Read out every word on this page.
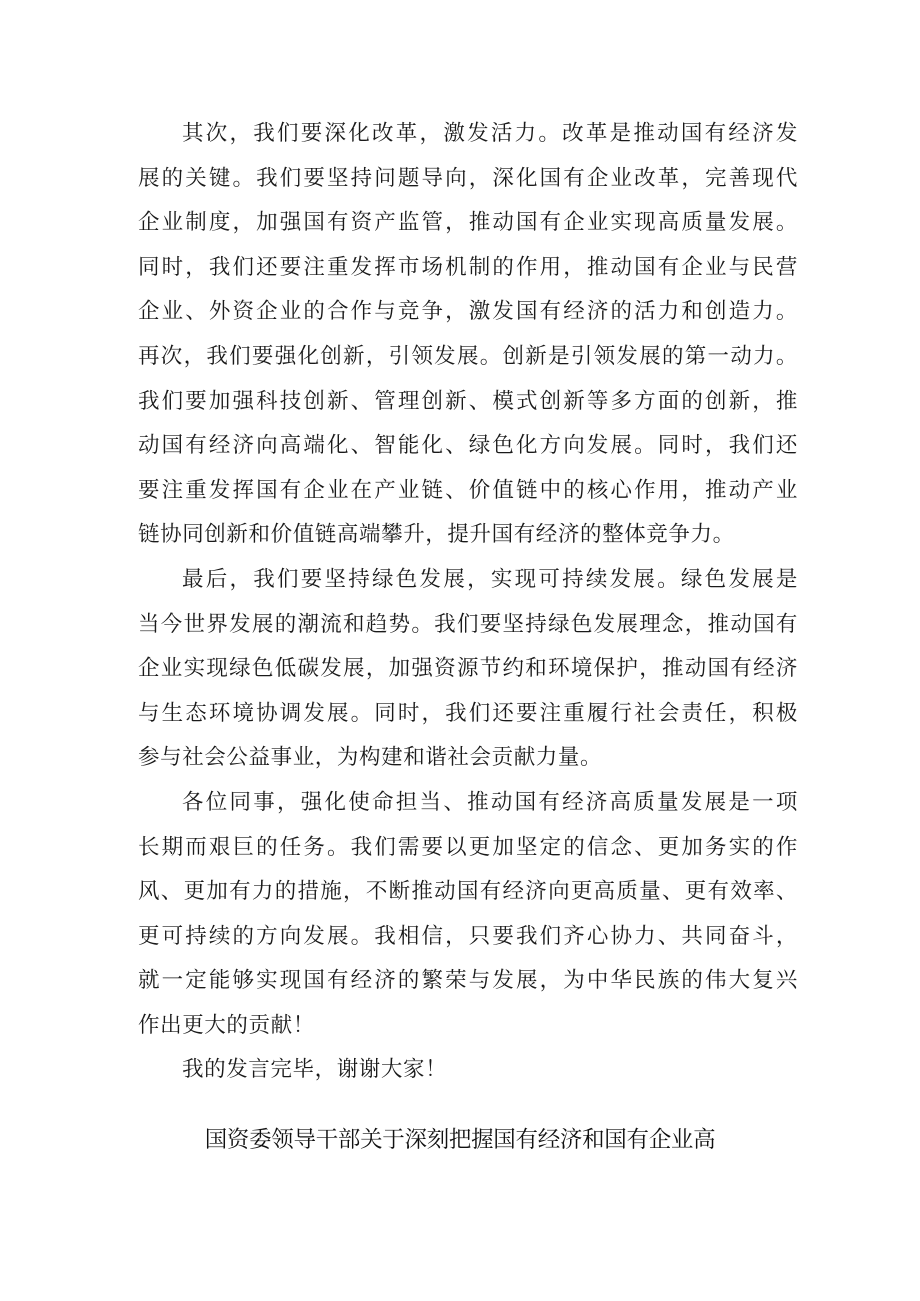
其次，我们要深化改革，激发活力。改革是推动国有经济发
展的关键。我们要坚持问题导向，深化国有企业改革，完善现代
企业制度，加强国有资产监管，推动国有企业实现高质量发展。
同时，我们还要注重发挥市场机制的作用，推动国有企业与民营
企业、外资企业的合作与竞争，激发国有经济的活力和创造力。
再次，我们要强化创新，引领发展。创新是引领发展的第一动力。
我们要加强科技创新、管理创新、模式创新等多方面的创新，推
动国有经济向高端化、智能化、绿色化方向发展。同时，我们还
要注重发挥国有企业在产业链、价值链中的核心作用，推动产业
链协同创新和价值链高端攀升，提升国有经济的整体竞争力。
最后，我们要坚持绿色发展，实现可持续发展。绿色发展是
当今世界发展的潮流和趋势。我们要坚持绿色发展理念，推动国有
企业实现绿色低碳发展，加强资源节约和环境保护，推动国有经济
与生态环境协调发展。同时，我们还要注重履行社会责任，积极
参与社会公益事业，为构建和谐社会贡献力量。
各位同事，强化使命担当、推动国有经济高质量发展是一项
长期而艰巨的任务。我们需要以更加坚定的信念、更加务实的作
风、更加有力的措施，不断推动国有经济向更高质量、更有效率、
更可持续的方向发展。我相信，只要我们齐心协力、共同奋斗，
就一定能够实现国有经济的繁荣与发展，为中华民族的伟大复兴
作出更大的贡献！
我的发言完毕，谢谢大家！
国资委领导干部关于深刻把握国有经济和国有企业高
